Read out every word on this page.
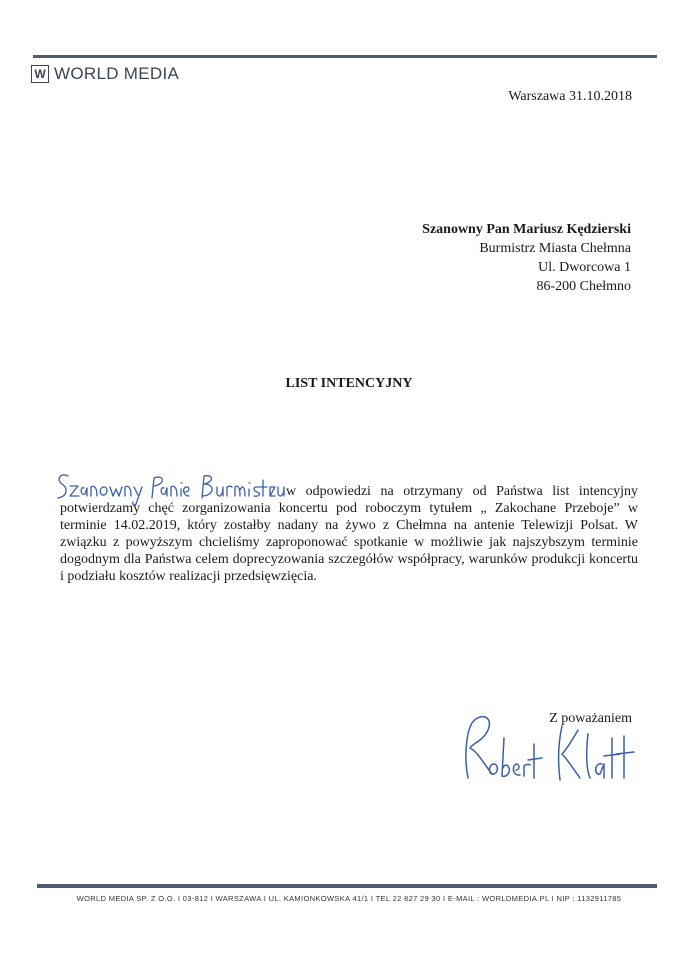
W WORLD MEDIA
Warszawa 31.10.2018
Szanowny Pan Mariusz Kędzierski
Burmistrz Miasta Chełmna
Ul. Dworcowa 1
86-200 Chełmno
LIST INTENCYJNY
w odpowiedzi na otrzymany od Państwa list intencyjny potwierdzamy chęć zorganizowania koncertu pod roboczym tytułem „ Zakochane Przeboje” w terminie 14.02.2019, który zostałby nadany na żywo z Chełmna na antenie Telewizji Polsat. W związku z powyższym chcieliśmy zaproponować spotkanie w możliwie jak najszybszym terminie dogodnym dla Państwa celem doprecyzowania szczegółów współpracy, warunków produkcji koncertu i podziału kosztów realizacji przedsięwzięcia.
Z poważaniem
WORLD MEDIA SP. Z O.O. I 03-812 I WARSZAWA I UL. KAMIONKOWSKA 41/1 I TEL 22 827 29 30 I E-MAIL : WORLDMEDIA.PL I NIP : 1132911785
